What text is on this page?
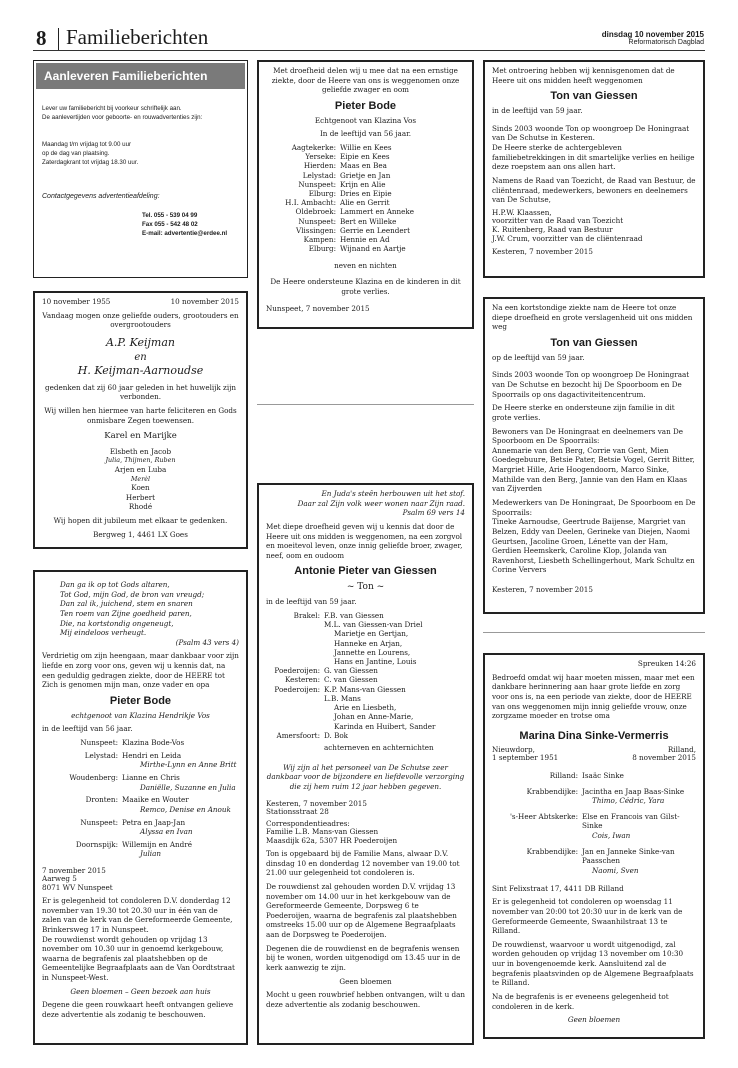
8 Familieberichten	dinsdag 10 november 2015
Reformatorisch Dagblad
Aanleveren Familieberichten
Lever uw familiebericht bij voorkeur schriftelijk aan.
De aanlevertijden voor geboorte- en rouwadvertenties zijn:
Maandag t/m vrijdag tot 9.00 uur
op de dag van plaatsing.
Zaterdagkrant tot vrijdag 18.30 uur.
Contactgegevens advertentieafdeling:
Tel. 055 - 539 04 99
Fax 055 - 542 48 02
E-mail: advertentie@erdee.nl
10 november 1955	10 november 2015
Vandaag mogen onze geliefde ouders, grootouders en overgrootouders
A.P. Keijman
en
H. Keijman-Aarnoudse
gedenken dat zij 60 jaar geleden in het huwelijk zijn verbonden.
Wij willen hen hiermee van harte feliciteren en Gods onmisbare Zegen toewensen.
Karel en Marijke
Elsbeth en Jacob
Julia, Thijmen, Ruben
Arjen en Luba
Merèl
Koen
Herbert
Rhodé
Wij hopen dit jubileum met elkaar te gedenken.
Bergweg 1, 4461 LX Goes
Dan ga ik op tot Gods altaren,
Tot God, mijn God, de bron van vreugd;
Dan zal ik, juichend, stem en snaren
Ten roem van Zijne goedheid paren,
Die, na kortstondig ongeneugt,
Mij eindeloos verheugt.
(Psalm 43 vers 4)
Verdrietig om zijn heengaan, maar dankbaar voor zijn liefde en zorg voor ons, geven wij u kennis dat, na een geduldig gedragen ziekte, door de HEERE tot Zich is genomen mijn man, onze vader en opa
Pieter Bode
echtgenoot van Klazina Hendrikje Vos
in de leeftijd van 56 jaar.
Nunspeet: Klazina Bode-Vos
Lelystad: Hendri en Leida
Mirthe-Lynn en Anne Britt
Woudenberg: Lianne en Chris
Daniëlle, Suzanne en Julia
Dronten: Maaike en Wouter
Remco, Denise en Anouk
Nunspeet: Petra en Jaap-Jan
Alyssa en Ivan
Doornspijk: Willemijn en André
Julian
7 november 2015
Aarweg 5
8071 WV Nunspeet
Er is gelegenheid tot condoleren D.V. donderdag 12 november van 19.30 tot 20.30 uur in één van de zalen van de kerk van de Gereformeerde Gemeente, Brinkersweg 17 in Nunspeet.
De rouwdienst wordt gehouden op vrijdag 13 november om 10.30 uur in genoemd kerkgebouw, waarna de begrafenis zal plaatshebben op de Gemeentelijke Begraafplaats aan de Van Oordtstraat in Nunspeet-West.
Geen bloemen – Geen bezoek aan huis
Degene die geen rouwkaart heeft ontvangen gelieve deze advertentie als zodanig te beschouwen.
Met droefheid delen wij u mee dat na een ernstige ziekte, door de Heere van ons is weggenomen onze geliefde zwager en oom
Pieter Bode
Echtgenoot van Klazina Vos
In de leeftijd van 56 jaar.
Aagtekerke: Willie en Kees
Yerseke: Eipie en Kees
Hierden: Maas en Bea
Lelystad: Grietje en Jan
Nunspeet: Krijn en Alie
Elburg: Dries en Eipie
H.I. Ambacht: Alie en Gerrit
Oldebroek: Lammert en Anneke
Nunspeet: Bert en Willeke
Vlissingen: Gerrie en Leendert
Kampen: Hennie en Ad
Elburg: Wijnand en Aartje
neven en nichten
De Heere ondersteune Klazina en de kinderen in dit grote verlies.
Nunspeet, 7 november 2015
En Juda's steên herbouwen uit het stof.
Daar zal Zijn volk weer wonen naar Zijn raad.
Psalm 69 vers 14
Met diepe droefheid geven wij u kennis dat door de Heere uit ons midden is weggenomen, na een zorgvol en moeitevol leven, onze innig geliefde broer, zwager, neef, oom en oudoom
Antonie Pieter van Giessen
~ Ton ~
in de leeftijd van 59 jaar.
Brakel: F.B. van Giessen
M.L. van Giessen-van Driel
Marietje en Gertjan,
Hanneke en Arjan,
Jannette en Lourens,
Hans en Jantine, Louis
Poederoijen: G. van Giessen
Kesteren: C. van Giessen
Poederoijen: K.P. Mans-van Giessen
L.B. Mans
Arie en Liesbeth,
Johan en Anne-Marie,
Karinda en Huibert, Sander
Amersfoort: D. Bok
achterneven en achternichten
Wij zijn al het personeel van De Schutse zeer dankbaar voor de bijzondere en liefdevolle verzorging die zij hem ruim 12 jaar hebben gegeven.
Kesteren, 7 november 2015
Stationsstraat 28
Correspondentieadres:
Familie L.B. Mans-van Giessen
Maasdijk 62a, 5307 HR Poederoijen
Ton is opgebaard bij de Familie Mans, alwaar D.V. dinsdag 10 en donderdag 12 november van 19.00 tot 21.00 uur gelegenheid tot condoleren is.
De rouwdienst zal gehouden worden D.V. vrijdag 13 november om 14.00 uur in het kerkgebouw van de Gereformeerde Gemeente, Dorpsweg 6 te Poederoijen, waarna de begrafenis zal plaatshebben omstreeks 15.00 uur op de Algemene Begraafplaats aan de Dorpsweg te Poederoijen.
Degenen die de rouwdienst en de begrafenis wensen bij te wonen, worden uitgenodigd om 13.45 uur in de kerk aanwezig te zijn.
Geen bloemen
Mocht u geen rouwbrief hebben ontvangen, wilt u dan deze advertentie als zodanig beschouwen.
Met ontroering hebben wij kennisgenomen dat de Heere uit ons midden heeft weggenomen
Ton van Giessen
in de leeftijd van 59 jaar.
Sinds 2003 woonde Ton op woongroep De Honingraat van De Schutse in Kesteren.
De Heere sterke de achtergebleven familiebetrekkingen in dit smartelijke verlies en heilige deze roepstem aan ons allen hart.
Namens de Raad van Toezicht, de Raad van Bestuur, de cliëntenraad, medewerkers, bewoners en deelnemers van De Schutse,
H.P.W. Klaassen,
voorzitter van de Raad van Toezicht
K. Ruitenberg, Raad van Bestuur
J.W. Crum, voorzitter van de cliëntenraad
Kesteren, 7 november 2015
Na een kortstondige ziekte nam de Heere tot onze diepe droefheid en grote verslagenheid uit ons midden weg
Ton van Giessen
op de leeftijd van 59 jaar.
Sinds 2003 woonde Ton op woongroep De Honingraat van De Schutse en bezocht hij De Spoorboom en De Spoorrails op ons dagactiviteitencentrum.
De Heere sterke en ondersteune zijn familie in dit grote verlies.
Bewoners van De Honingraat en deelnemers van De Spoorboom en De Spoorrails:
Annemarie van den Berg, Corrie van Gent, Mien Goedegebuure, Betsie Pater, Betsie Vogel, Gerrit Bitter, Margriet Hille, Arie Hoogendoorn, Marco Sinke, Mathilde van den Berg, Jannie van den Ham en Klaas van Zijverden
Medewerkers van De Honingraat, De Spoorboom en De Spoorrails:
Tineke Aarnoudse, Geertrude Baijense, Margriet van Belzen, Eddy van Deelen, Gerineke van Diejen, Naomi Geurtsen, Jacoline Groen, Lénette van der Ham, Gerdien Heemskerk, Caroline Klop, Jolanda van Ravenhorst, Liesbeth Schellingerhout, Mark Schultz en Corine Ververs
Kesteren, 7 november 2015
Spreuken 14:26
Bedroefd omdat wij haar moeten missen, maar met een dankbare herinnering aan haar grote liefde en zorg voor ons is, na een periode van ziekte, door de HEERE van ons weggenomen mijn innig geliefde vrouw, onze zorgzame moeder en trotse oma
Marina Dina Sinke-Vermerris
Nieuwdorp,
1 september 1951
Rilland,
8 november 2015
Rilland: Isaäc Sinke
Krabbendijke: Jacintha en Jaap Baas-Sinke
Thimo, Cédric, Yara
's-Heer Abtskerke: Else en Francois van Gilst-Sinke
Cois, Iwan
Krabbendijke: Jan en Janneke Sinke-van Paasschen
Naomi, Sven
Sint Felixstraat 17, 4411 DB Rilland
Er is gelegenheid tot condoleren op woensdag 11 november van 20:00 tot 20:30 uur in de kerk van de Gereformeerde Gemeente, Swaanhilstraat 13 te Rilland.
De rouwdienst, waarvoor u wordt uitgenodigd, zal worden gehouden op vrijdag 13 november om 10:30 uur in bovengenoemde kerk. Aansluitend zal de begrafenis plaatsvinden op de Algemene Begraafplaats te Rilland.
Na de begrafenis is er eveneens gelegenheid tot condoleren in de kerk.
Geen bloemen
